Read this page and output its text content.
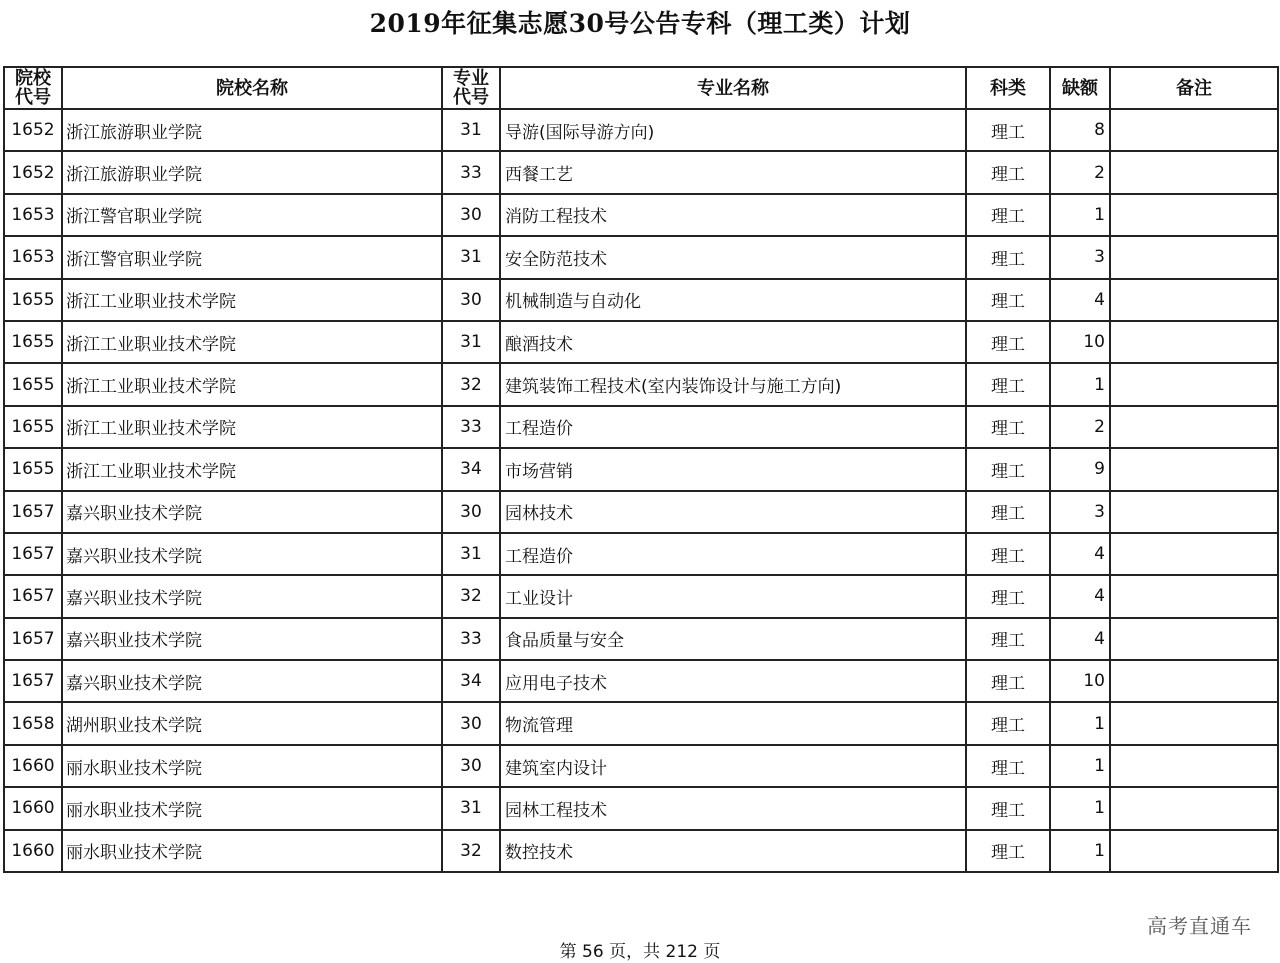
2019年征集志愿30号公告专科（理工类）计划
院校代号	院校名称	专业代号	专业名称	科类	缺额	备注
1652	浙江旅游职业学院	31	导游(国际导游方向)	理工	8	
1652	浙江旅游职业学院	33	西餐工艺	理工	2	
1653	浙江警官职业学院	30	消防工程技术	理工	1	
1653	浙江警官职业学院	31	安全防范技术	理工	3	
1655	浙江工业职业技术学院	30	机械制造与自动化	理工	4	
1655	浙江工业职业技术学院	31	酿酒技术	理工	10	
1655	浙江工业职业技术学院	32	建筑装饰工程技术(室内装饰设计与施工方向)	理工	1	
1655	浙江工业职业技术学院	33	工程造价	理工	2	
1655	浙江工业职业技术学院	34	市场营销	理工	9	
1657	嘉兴职业技术学院	30	园林技术	理工	3	
1657	嘉兴职业技术学院	31	工程造价	理工	4	
1657	嘉兴职业技术学院	32	工业设计	理工	4	
1657	嘉兴职业技术学院	33	食品质量与安全	理工	4	
1657	嘉兴职业技术学院	34	应用电子技术	理工	10	
1658	湖州职业技术学院	30	物流管理	理工	1	
1660	丽水职业技术学院	30	建筑室内设计	理工	1	
1660	丽水职业技术学院	31	园林工程技术	理工	1	
1660	丽水职业技术学院	32	数控技术	理工	1	
高考直通车
第 56 页，共 212 页
